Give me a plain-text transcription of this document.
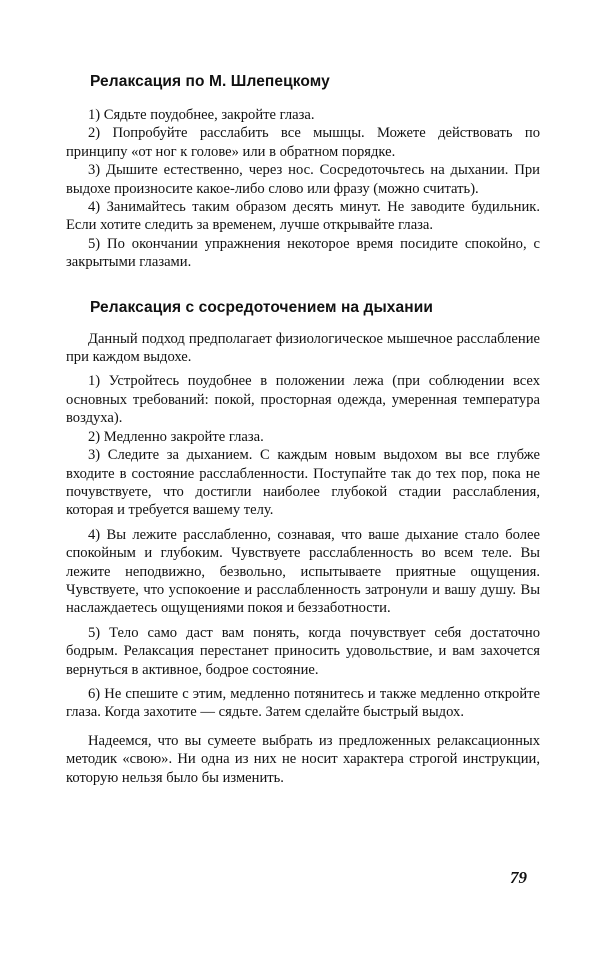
Релаксация по М. Шлепецкому

1) Сядьте поудобнее, закройте глаза.

2) Попробуйте расслабить все мышцы. Можете действовать по принципу «от ног к голове» или в обратном порядке.

3) Дышите естественно, через нос. Сосредоточьтесь на дыхании. При выдохе произносите какое-либо слово или фразу (можно считать).

4) Занимайтесь таким образом десять минут. Не заводите будильник. Если хотите следить за временем, лучше открывайте глаза.

5) По окончании упражнения некоторое время посидите спокойно, с закрытыми глазами.

Релаксация с сосредоточением на дыхании

Данный подход предполагает физиологическое мышечное расслабление при каждом выдохе.

1) Устройтесь поудобнее в положении лежа (при соблюдении всех основных требований: покой, просторная одежда, умеренная температура воздуха).

2) Медленно закройте глаза.

3) Следите за дыханием. С каждым новым выдохом вы все глубже входите в состояние расслабленности. Поступайте так до тех пор, пока не почувствуете, что достигли наиболее глубокой стадии расслабления, которая и требуется вашему телу.

4) Вы лежите расслабленно, сознавая, что ваше дыхание стало более спокойным и глубоким. Чувствуете расслабленность во всем теле. Вы лежите неподвижно, безвольно, испытываете приятные ощущения. Чувствуете, что успокоение и расслабленность затронули и вашу душу. Вы наслаждаетесь ощущениями покоя и беззаботности.

5) Тело само даст вам понять, когда почувствует себя достаточно бодрым. Релаксация перестанет приносить удовольствие, и вам захочется вернуться в активное, бодрое состояние.

6) Не спешите с этим, медленно потянитесь и также медленно откройте глаза. Когда захотите — сядьте. Затем сделайте быстрый выдох.

Надеемся, что вы сумеете выбрать из предложенных релаксационных методик «свою». Ни одна из них не носит характера строгой инструкции, которую нельзя было бы изменить.

79
